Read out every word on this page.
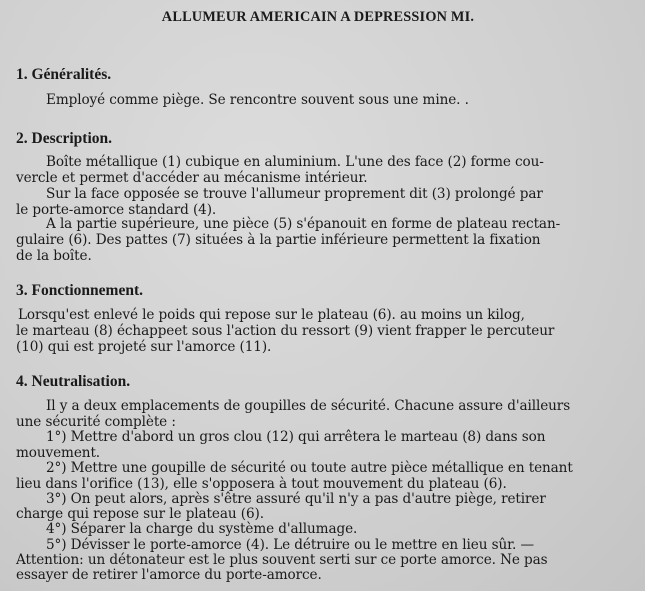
ALLUMEUR AMERICAIN A DEPRESSION MI.
1. Généralités.
Employé comme piège. Se rencontre souvent sous une mine. .
2. Description.
Boîte métallique (1) cubique en aluminium. L'une des face (2) forme cou-
vercle et permet d'accéder au mécanisme intérieur.
Sur la face opposée se trouve l'allumeur proprement dit (3) prolongé par
le porte-amorce standard (4).
A la partie supérieure, une pièce (5) s'épanouit en forme de plateau rectan-
gulaire (6). Des pattes (7) situées à la partie inférieure permettent la fixation
de la boîte.
3. Fonctionnement.
Lorsqu'est enlevé le poids qui repose sur le plateau (6). au moins un kilog,
le marteau (8) échappeet sous l'action du ressort (9) vient frapper le percuteur
(10) qui est projeté sur l'amorce (11).
4. Neutralisation.
Il y a deux emplacements de goupilles de sécurité. Chacune assure d'ailleurs
une sécurité complète :
1°) Mettre d'abord un gros clou (12) qui arrêtera le marteau (8) dans son
mouvement.
2°) Mettre une goupille de sécurité ou toute autre pièce métallique en tenant
lieu dans l'orifice (13), elle s'opposera à tout mouvement du plateau (6).
3°) On peut alors, après s'être assuré qu'il n'y a pas d'autre piège, retirer
charge qui repose sur le plateau (6).
4°) Séparer la charge du système d'allumage.
5°) Dévisser le porte-amorce (4). Le détruire ou le mettre en lieu sûr. —
Attention: un détonateur est le plus souvent serti sur ce porte amorce. Ne pas
essayer de retirer l'amorce du porte-amorce.
